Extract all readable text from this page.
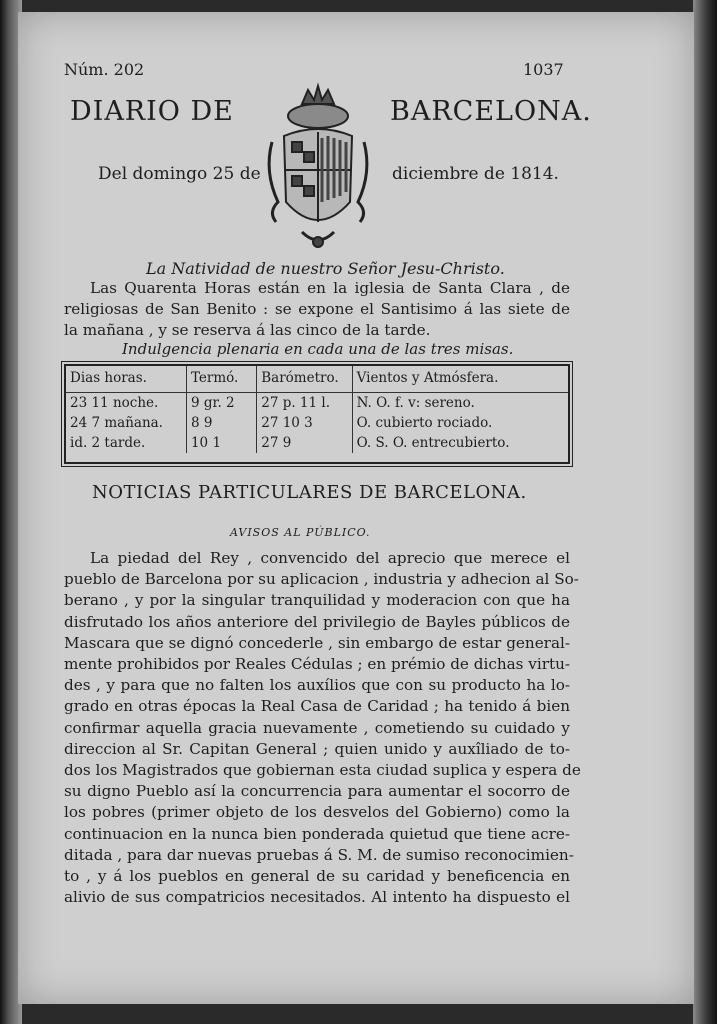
Núm. 202	1037
DIARIO DE	BARCELONA.
Del domingo 25 de	diciembre de 1814.
La Natividad de nuestro Señor Jesu-Christo.
Las Quarenta Horas están en la iglesia de Santa Clara , de
religiosas de San Benito : se expone el Santisimo á las siete de
la mañana , y se reserva á las cinco de la tarde.
Indulgencia plenaria en cada una de las tres misas.
Dias horas.	Termó.	Barómetro.	Vientos y Atmósfera.
23 11 noche.	9 gr. 2	27 p. 11 l.	N. O. f. v: sereno.
24 7 mañana.	8 9	27 10 3	O. cubierto rociado.
id. 2 tarde.	10 1	27 9	O. S. O. entrecubierto.
NOTICIAS PARTICULARES DE BARCELONA.
AVISOS AL PÚBLICO.
La piedad del Rey , convencido del aprecio que merece el
pueblo de Barcelona por su aplicacion , industria y adhecion al So-
berano , y por la singular tranquilidad y moderacion con que ha
disfrutado los años anteriore del privilegio de Bayles públicos de
Mascara que se dignó concederle , sin embargo de estar general-
mente prohibidos por Reales Cédulas ; en prémio de dichas virtu-
des , y para que no falten los auxílios que con su producto ha lo-
grado en otras épocas la Real Casa de Caridad ; ha tenido á bien
confirmar aquella gracia nuevamente , cometiendo su cuidado y
direccion al Sr. Capitan General ; quien unido y auxîliado de to-
dos los Magistrados que gobiernan esta ciudad suplica y espera de
su digno Pueblo así la concurrencia para aumentar el socorro de
los pobres (primer objeto de los desvelos del Gobierno) como la
continuacion en la nunca bien ponderada quietud que tiene acre-
ditada , para dar nuevas pruebas á S. M. de sumiso reconocimien-
to , y á los pueblos en general de su caridad y beneficencia en
alivio de sus compatricios necesitados. Al intento ha dispuesto el
